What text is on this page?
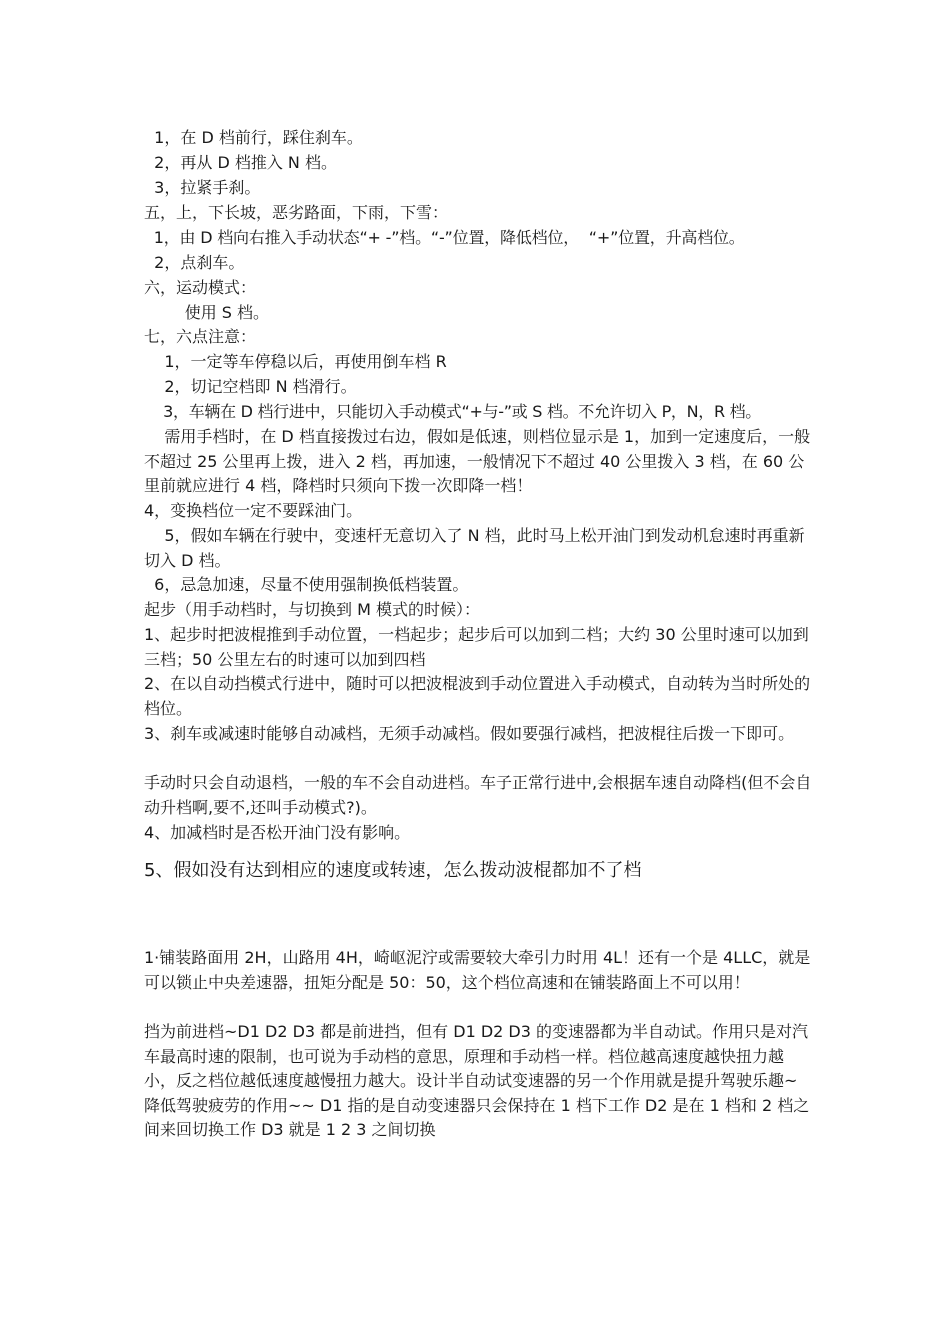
1，在 D 档前行，踩住刹车。

2，再从 D 档推入 N 档。

3，拉紧手刹。

五，上，下长坡，恶劣路面，下雨，下雪：

1，由 D 档向右推入手动状态“+ -”档。“-”位置，降低档位，  “+”位置，升高档位。

2，点刹车。

六，运动模式：

使用 S 档。

七，六点注意：

1，一定等车停稳以后，再使用倒车档 R

2，切记空档即 N 档滑行。

3，车辆在 D 档行进中，只能切入手动模式“+与-”或 S 档。不允许切入 P，N，R 档。

需用手档时，在 D 档直接拨过右边，假如是低速，则档位显示是 1，加到一定速度后，一般不超过 25 公里再上拨，进入 2 档，再加速，一般情况下不超过 40 公里拨入 3 档，在 60 公里前就应进行 4 档，降档时只须向下拨一次即降一档！

4，变换档位一定不要踩油门。

5，假如车辆在行驶中，变速杆无意切入了 N 档，此时马上松开油门到发动机怠速时再重新切入 D 档。

6，忌急加速，尽量不使用强制换低档装置。

起步（用手动档时，与切换到 M 模式的时候）：

1、起步时把波棍推到手动位置，一档起步；起步后可以加到二档；大约 30 公里时速可以加到三档；50 公里左右的时速可以加到四档

2、在以自动挡模式行进中，随时可以把波棍波到手动位置进入手动模式，自动转为当时所处的档位。

3、刹车或减速时能够自动减档，无须手动减档。假如要强行减档，把波棍往后拨一下即可。

手动时只会自动退档，一般的车不会自动进档。车子正常行进中,会根据车速自动降档(但不会自动升档啊,要不,还叫手动模式?)。

4、加减档时是否松开油门没有影响。

5、假如没有达到相应的速度或转速，怎么拨动波棍都加不了档

1·铺装路面用 2H，山路用 4H，崎岖泥泞或需要较大牵引力时用 4L！还有一个是 4LLC，就是可以锁止中央差速器，扭矩分配是 50：50，这个档位高速和在铺装路面上不可以用！

挡为前进档~D1 D2 D3 都是前进挡，但有 D1 D2 D3 的变速器都为半自动试。作用只是对汽车最高时速的限制，也可说为手动档的意思，原理和手动档一样。档位越高速度越快扭力越小，反之档位越低速度越慢扭力越大。设计半自动试变速器的另一个作用就是提升驾驶乐趣~降低驾驶疲劳的作用~~ D1 指的是自动变速器只会保持在 1 档下工作 D2 是在 1 档和 2 档之间来回切换工作 D3 就是 1 2 3 之间切换
